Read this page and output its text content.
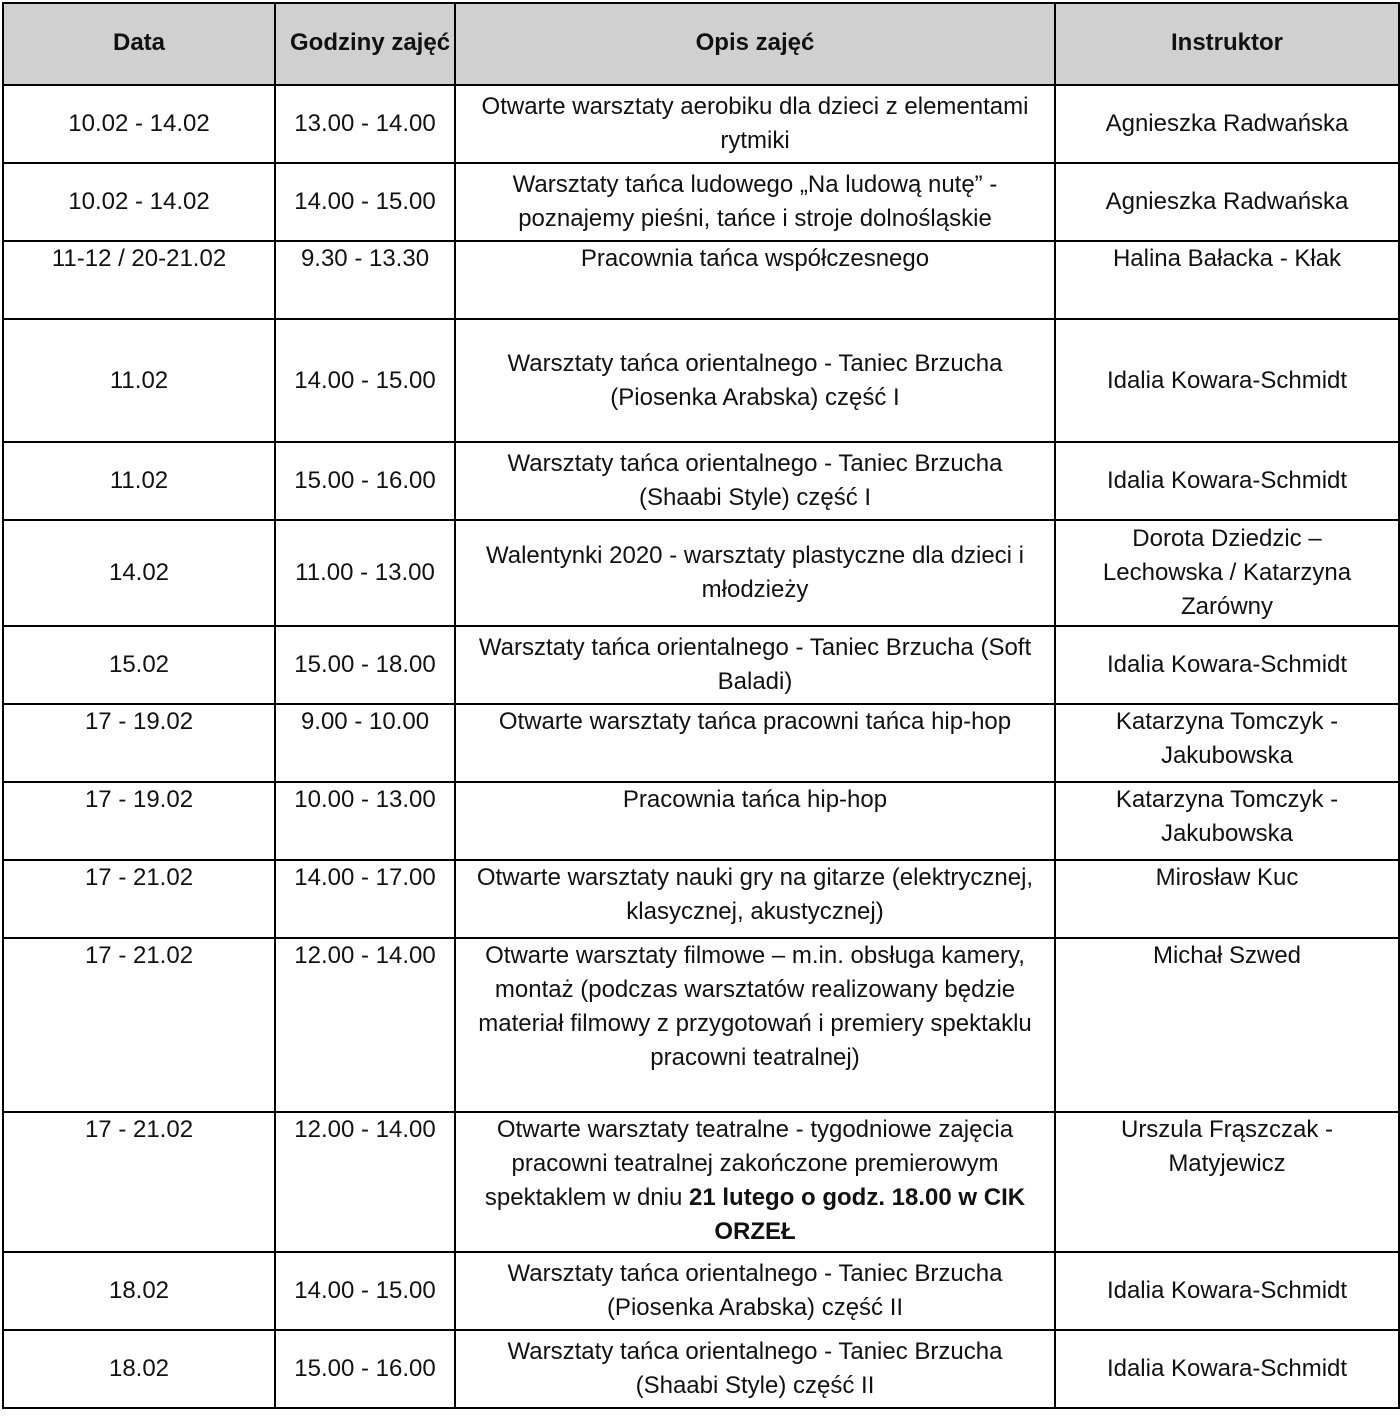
Data	Godziny zajęć	Opis zajęć	Instruktor
10.02 - 14.02	13.00 - 14.00	Otwarte warsztaty aerobiku dla dzieci z elementami rytmiki	Agnieszka Radwańska
10.02 - 14.02	14.00 - 15.00	Warsztaty tańca ludowego „Na ludową nutę” - poznajemy pieśni, tańce i stroje dolnośląskie	Agnieszka Radwańska
11-12 / 20-21.02	9.30 - 13.30	Pracownia tańca współczesnego	Halina Bałacka - Kłak
11.02	14.00 - 15.00	Warsztaty tańca orientalnego - Taniec Brzucha (Piosenka Arabska) część I	Idalia Kowara-Schmidt
11.02	15.00 - 16.00	Warsztaty tańca orientalnego - Taniec Brzucha (Shaabi Style) część I	Idalia Kowara-Schmidt
14.02	11.00 - 13.00	Walentynki 2020 - warsztaty plastyczne dla dzieci i młodzieży	Dorota Dziedzic – Lechowska / Katarzyna Zarówny
15.02	15.00 - 18.00	Warsztaty tańca orientalnego - Taniec Brzucha (Soft Baladi)	Idalia Kowara-Schmidt
17 - 19.02	9.00 - 10.00	Otwarte warsztaty tańca pracowni tańca hip-hop	Katarzyna Tomczyk - Jakubowska
17 - 19.02	10.00 - 13.00	Pracownia tańca hip-hop	Katarzyna Tomczyk - Jakubowska
17 - 21.02	14.00 - 17.00	Otwarte warsztaty nauki gry na gitarze (elektrycznej, klasycznej, akustycznej)	Mirosław Kuc
17 - 21.02	12.00 - 14.00	Otwarte warsztaty filmowe – m.in. obsługa kamery, montaż (podczas warsztatów realizowany będzie materiał filmowy z przygotowań i premiery spektaklu pracowni teatralnej)	Michał Szwed
17 - 21.02	12.00 - 14.00	Otwarte warsztaty teatralne - tygodniowe zajęcia pracowni teatralnej zakończone premierowym spektaklem w dniu 21 lutego o godz. 18.00 w CIK ORZEŁ	Urszula Frąszczak - Matyjewicz
18.02	14.00 - 15.00	Warsztaty tańca orientalnego - Taniec Brzucha (Piosenka Arabska) część II	Idalia Kowara-Schmidt
18.02	15.00 - 16.00	Warsztaty tańca orientalnego - Taniec Brzucha (Shaabi Style) część II	Idalia Kowara-Schmidt
